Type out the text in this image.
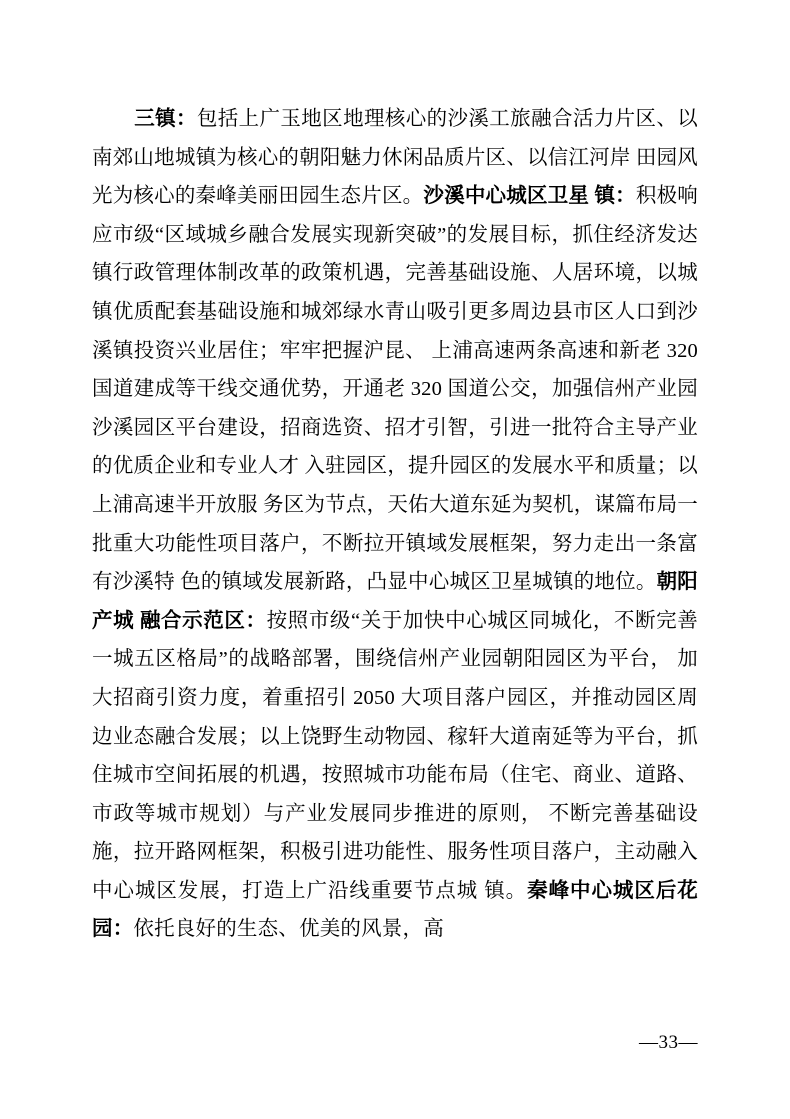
三镇：包括上广玉地区地理核心的沙溪工旅融合活力片区、以南郊山地城镇为核心的朝阳魅力休闲品质片区、以信江河岸 田园风光为核心的秦峰美丽田园生态片区。沙溪中心城区卫星 镇：积极响应市级“区域城乡融合发展实现新突破”的发展目标，抓住经济发达镇行政管理体制改革的政策机遇，完善基础设施、人居环境，以城镇优质配套基础设施和城郊绿水青山吸引更多周边县市区人口到沙溪镇投资兴业居住；牢牢把握沪昆、 上浦高速两条高速和新老 320 国道建成等干线交通优势，开通老 320 国道公交，加强信州产业园沙溪园区平台建设，招商选资、招才引智，引进一批符合主导产业的优质企业和专业人才 入驻园区，提升园区的发展水平和质量；以上浦高速半开放服 务区为节点，天佑大道东延为契机，谋篇布局一批重大功能性项目落户，不断拉开镇域发展框架，努力走出一条富有沙溪特 色的镇域发展新路，凸显中心城区卫星城镇的地位。朝阳产城 融合示范区：按照市级“关于加快中心城区同城化，不断完善一城五区格局”的战略部署，围绕信州产业园朝阳园区为平台， 加大招商引资力度，着重招引 2050 大项目落户园区，并推动园区周边业态融合发展；以上饶野生动物园、稼轩大道南延等为平台，抓住城市空间拓展的机遇，按照城市功能布局（住宅、商业、道路、市政等城市规划）与产业发展同步推进的原则， 不断完善基础设施，拉开路网框架，积极引进功能性、服务性项目落户，主动融入中心城区发展，打造上广沿线重要节点城 镇。秦峰中心城区后花园：依托良好的生态、优美的风景，高

—33—
